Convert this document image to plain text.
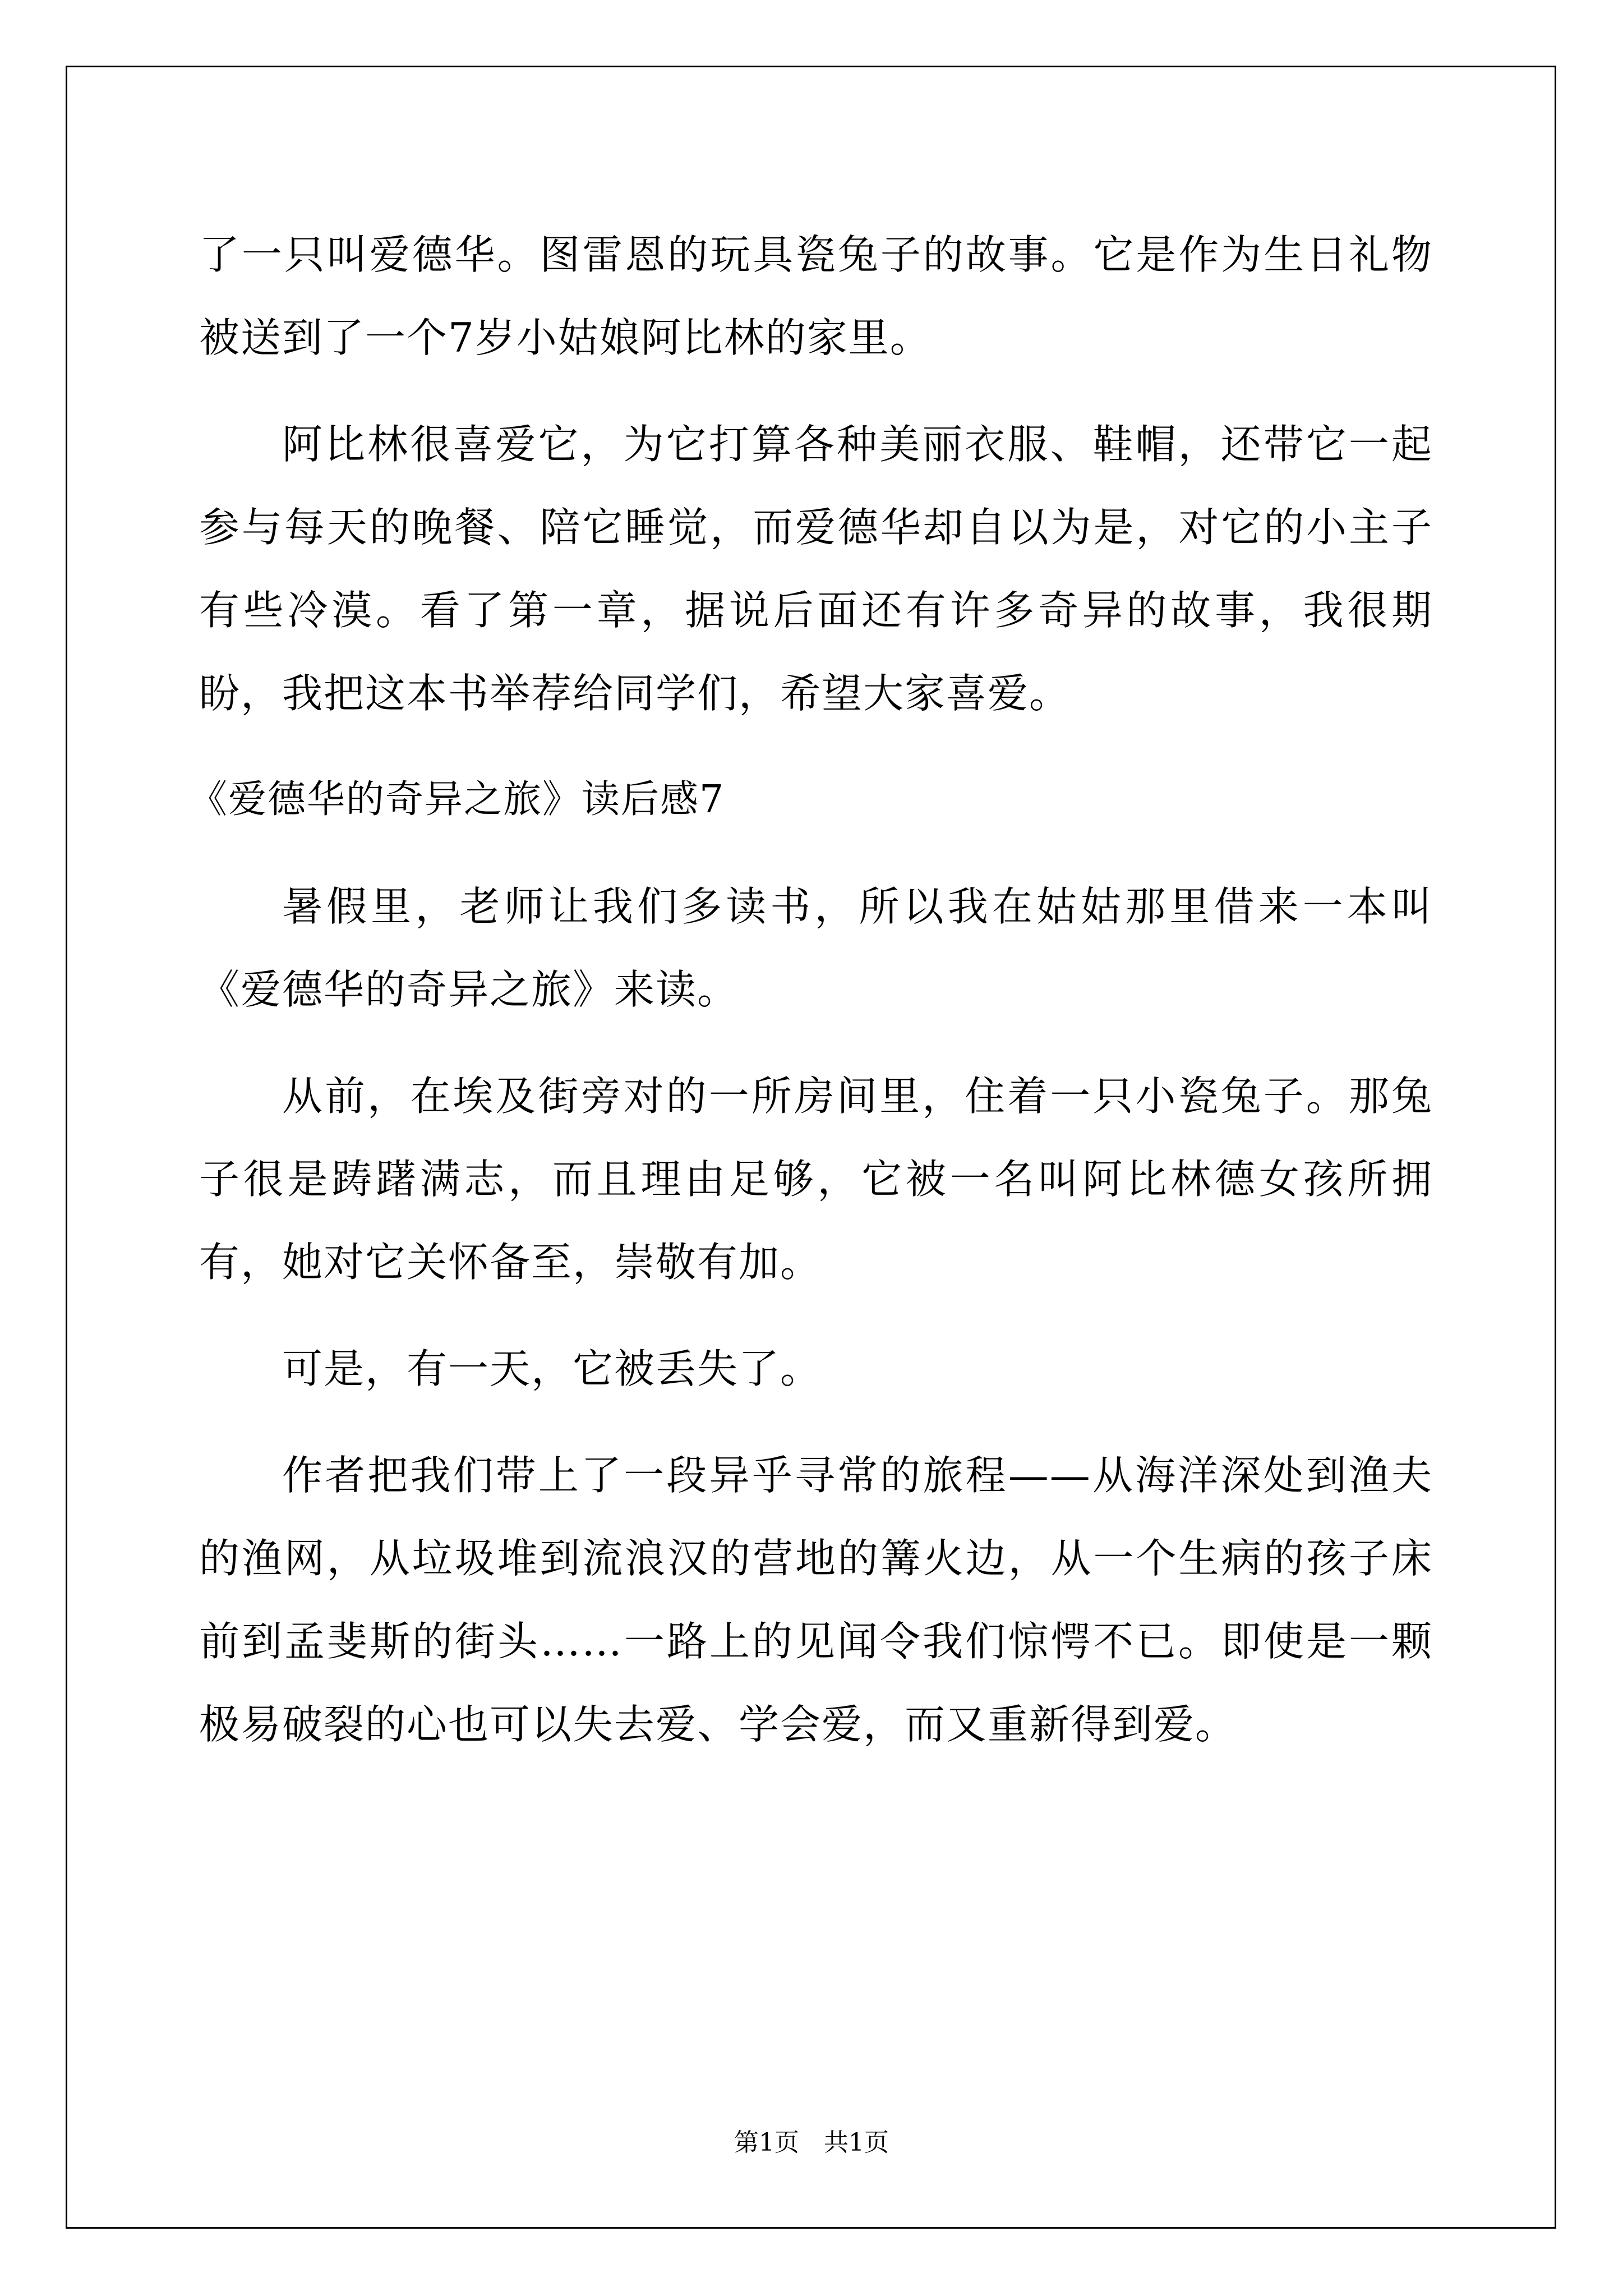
了一只叫爱德华。图雷恩的玩具瓷兔子的故事。它是作为生日礼物被送到了一个7岁小姑娘阿比林的家里。

阿比林很喜爱它，为它打算各种美丽衣服、鞋帽，还带它一起参与每天的晚餐、陪它睡觉，而爱德华却自以为是，对它的小主子有些冷漠。看了第一章，据说后面还有许多奇异的故事，我很期盼，我把这本书举荐给同学们，希望大家喜爱。

《爱德华的奇异之旅》读后感7

暑假里，老师让我们多读书，所以我在姑姑那里借来一本叫《爱德华的奇异之旅》来读。

从前，在埃及街旁对的一所房间里，住着一只小瓷兔子。那兔子很是踌躇满志，而且理由足够，它被一名叫阿比林德女孩所拥有，她对它关怀备至，崇敬有加。

可是，有一天，它被丢失了。

作者把我们带上了一段异乎寻常的旅程——从海洋深处到渔夫的渔网，从垃圾堆到流浪汉的营地的篝火边，从一个生病的孩子床前到孟斐斯的街头……一路上的见闻令我们惊愕不已。即使是一颗极易破裂的心也可以失去爱、学会爱，而又重新得到爱。

第1页　共1页
